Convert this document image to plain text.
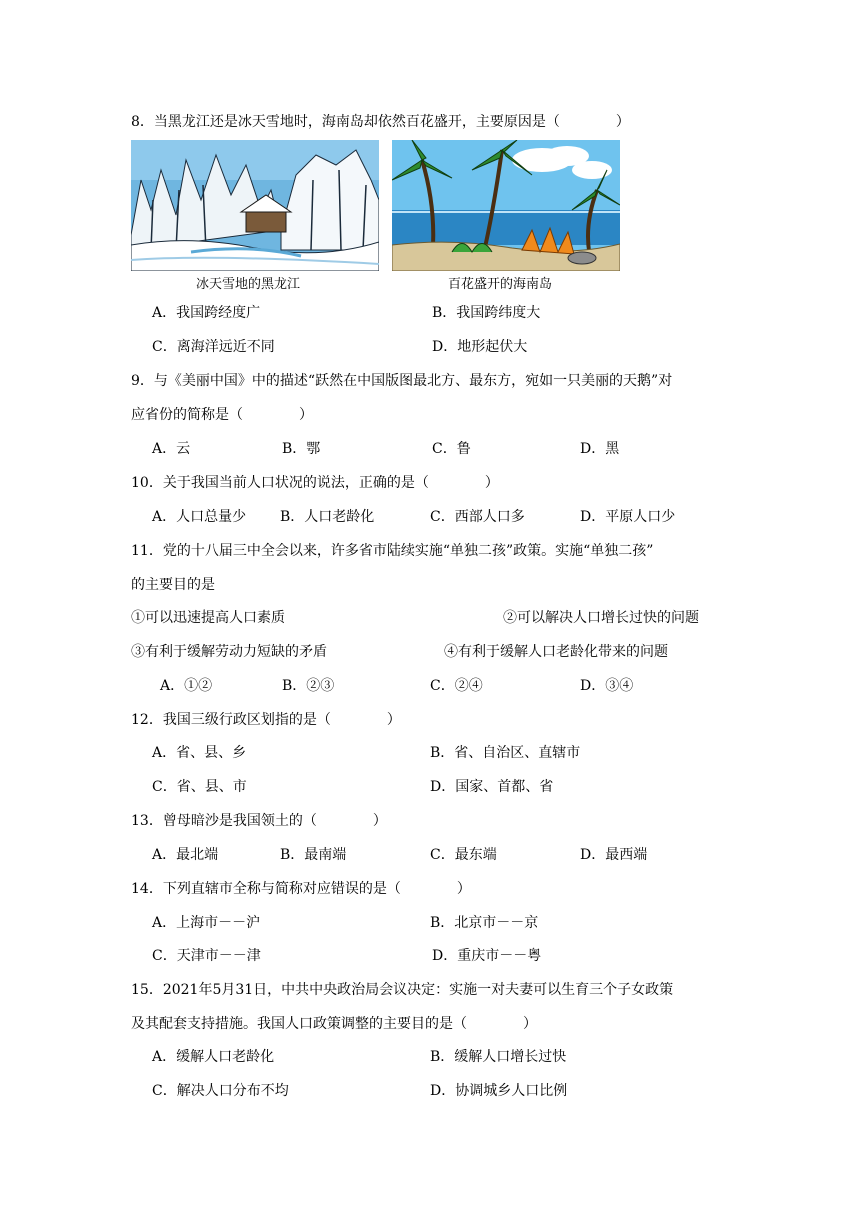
8．当黑龙江还是冰天雪地时，海南岛却依然百花盛开，主要原因是（　　　　）
冰天雪地的黑龙江	百花盛开的海南岛
A．我国跨经度广	B．我国跨纬度大
C．离海洋远近不同	D．地形起伏大
9．与《美丽中国》中的描述“跃然在中国版图最北方、最东方，宛如一只美丽的天鹅”对
应省份的简称是（　　　　）
A．云	B．鄂	C．鲁	D．黑
10．关于我国当前人口状况的说法，正确的是（　　　　）
A．人口总量少 B．人口老龄化	C．西部人口多	D．平原人口少
11．党的十八届三中全会以来，许多省市陆续实施“单独二孩”政策。实施“单独二孩”
的主要目的是
①可以迅速提高人口素质	②可以解决人口增长过快的问题
③有利于缓解劳动力短缺的矛盾	④有利于缓解人口老龄化带来的问题
A．①②	B．②③	C．②④	D．③④
12．我国三级行政区划指的是（　　　　）
A．省、县、乡	B．省、自治区、直辖市
C．省、县、市	D．国家、首都、省
13．曾母暗沙是我国领土的（　　　　）
A．最北端	B．最南端	C．最东端	D．最西端
14．下列直辖市全称与简称对应错误的是（　　　　）
A．上海市－－沪	B．北京市－－京
C．天津市－－津	D．重庆市－－粤
15．2021年5月31日，中共中央政治局会议决定：实施一对夫妻可以生育三个子女政策
及其配套支持措施。我国人口政策调整的主要目的是（　　　　）
A．缓解人口老龄化	B．缓解人口增长过快
C．解决人口分布不均	D．协调城乡人口比例
